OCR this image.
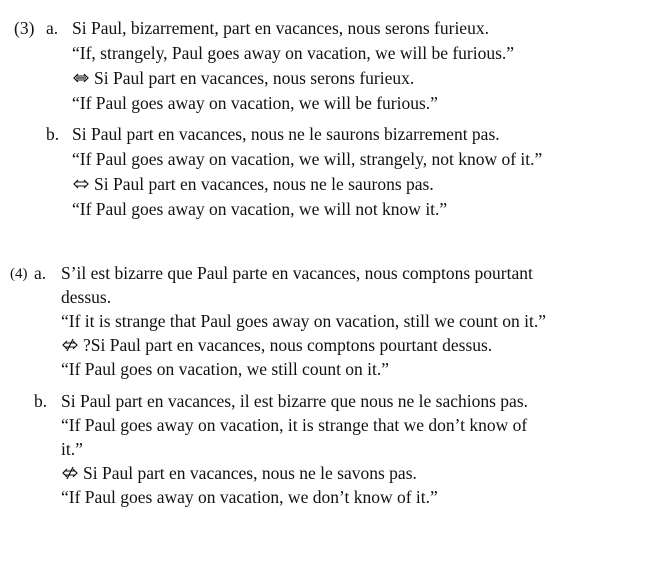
(3) a. Si Paul, bizarrement, part en vacances, nous serons furieux.
“If, strangely, Paul goes away on vacation, we will be furious.”
Si Paul part en vacances, nous serons furieux.
“If Paul goes away on vacation, we will be furious.”
b. Si Paul part en vacances, nous ne le saurons bizarrement pas.
“If Paul goes away on vacation, we will, strangely, not know of it.”
Si Paul part en vacances, nous ne le saurons pas.
“If Paul goes away on vacation, we will not know it.”
(4) a. S’il est bizarre que Paul parte en vacances, nous comptons pourtant
dessus.
“If it is strange that Paul goes away on vacation, still we count on it.”
?Si Paul part en vacances, nous comptons pourtant dessus.
“If Paul goes on vacation, we still count on it.”
b. Si Paul part en vacances, il est bizarre que nous ne le sachions pas.
“If Paul goes away on vacation, it is strange that we don’t know of
it.”
Si Paul part en vacances, nous ne le savons pas.
“If Paul goes away on vacation, we don’t know of it.”
